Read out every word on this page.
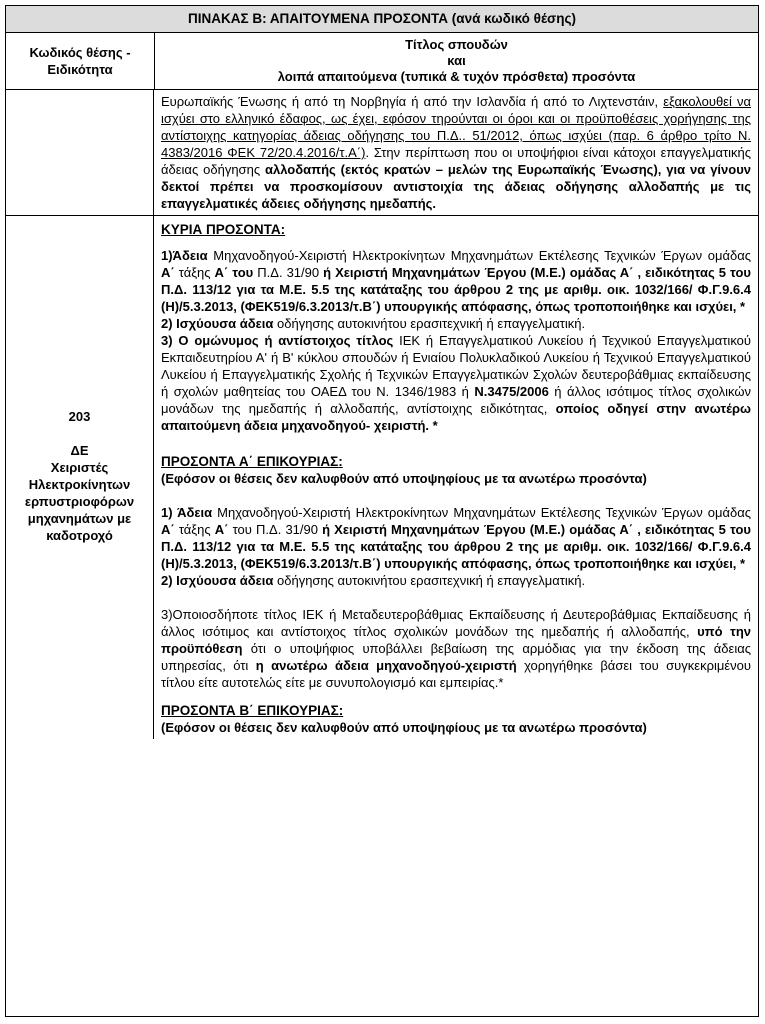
ΠΙΝΑΚΑΣ Β: ΑΠΑΙΤΟΥΜΕΝΑ ΠΡΟΣΟΝΤΑ (ανά κωδικό θέσης)
Κωδικός θέσης - Ειδικότητα
Τίτλος σπουδών
και
λοιπά απαιτούμενα (τυπικά & τυχόν πρόσθετα) προσόντα

Ευρωπαϊκής Ένωσης ή από τη Νορβηγία ή από την Ισλανδία ή από το Λιχτενστάιν, εξακολουθεί να ισχύει στο ελληνικό έδαφος, ως έχει, εφόσον τηρούνται οι όροι και οι προϋποθέσεις χορήγησης της αντίστοιχης κατηγορίας άδειας οδήγησης του Π.Δ.. 51/2012, όπως ισχύει (παρ. 6 άρθρο τρίτο Ν. 4383/2016 ΦΕΚ 72/20.4.2016/τ.Α΄). Στην περίπτωση που οι υποψήφιοι είναι κάτοχοι επαγγελματικής άδειας οδήγησης αλλοδαπής (εκτός κρατών – μελών της Ευρωπαϊκής Ένωσης), για να γίνουν δεκτοί πρέπει να προσκομίσουν αντιστοιχία της άδειας οδήγησης αλλοδαπής με τις επαγγελματικές άδειες οδήγησης ημεδαπής.

203
ΔΕ
Χειριστές
Ηλεκτροκίνητων
ερπυστριοφόρων
μηχανημάτων με
καδοτροχό

ΚΥΡΙΑ ΠΡΟΣΟΝΤΑ:

1)Άδεια Μηχανοδηγού-Χειριστή Ηλεκτροκίνητων Μηχανημάτων Εκτέλεσης Τεχνικών Έργων ομάδας Α΄ τάξης Α΄ του Π.Δ. 31/90 ή Χειριστή Μηχανημάτων Έργου (Μ.Ε.) ομάδας Α΄ , ειδικότητας 5 του Π.Δ. 113/12 για τα Μ.Ε. 5.5 της κατάταξης του άρθρου 2 της με αριθμ. οικ. 1032/166/ Φ.Γ.9.6.4 (Η)/5.3.2013, (ΦΕΚ519/6.3.2013/τ.Β΄) υπουργικής απόφασης, όπως τροποποιήθηκε και ισχύει, *

2) Ισχύουσα άδεια οδήγησης αυτοκινήτου ερασιτεχνική ή επαγγελματική.

3) Ο ομώνυμος ή αντίστοιχος τίτλος ΙΕΚ ή Επαγγελματικού Λυκείου ή Τεχνικού Επαγγελματικού Εκπαιδευτηρίου Α' ή Β' κύκλου σπουδών ή Ενιαίου Πολυκλαδικού Λυκείου ή Τεχνικού Επαγγελματικού Λυκείου ή Επαγγελματικής Σχολής ή Τεχνικών Επαγγελματικών Σχολών δευτεροβάθμιας εκπαίδευσης ή σχολών μαθητείας του ΟΑΕΔ του Ν. 1346/1983 ή Ν.3475/2006 ή άλλος ισότιμος τίτλος σχολικών μονάδων της ημεδαπής ή αλλοδαπής, αντίστοιχης ειδικότητας, οποίος οδηγεί στην ανωτέρω απαιτούμενη άδεια μηχανοδηγού- χειριστή. *

ΠΡΟΣΟΝΤΑ Α΄ ΕΠΙΚΟΥΡΙΑΣ:

(Εφόσον οι θέσεις δεν καλυφθούν από υποψηφίους με τα ανωτέρω προσόντα)

1) Άδεια Μηχανοδηγού-Χειριστή Ηλεκτροκίνητων Μηχανημάτων Εκτέλεσης Τεχνικών Έργων ομάδας Α΄ τάξης Α΄ του Π.Δ. 31/90 ή Χειριστή Μηχανημάτων Έργου (Μ.Ε.) ομάδας Α΄ , ειδικότητας 5 του Π.Δ. 113/12 για τα Μ.Ε. 5.5 της κατάταξης του άρθρου 2 της με αριθμ. οικ. 1032/166/ Φ.Γ.9.6.4 (Η)/5.3.2013, (ΦΕΚ519/6.3.2013/τ.Β΄) υπουργικής απόφασης, όπως τροποποιήθηκε και ισχύει, *

2) Ισχύουσα άδεια οδήγησης αυτοκινήτου ερασιτεχνική ή επαγγελματική.

3)Οποιοσδήποτε τίτλος ΙΕΚ ή Μεταδευτεροβάθμιας Εκπαίδευσης ή Δευτεροβάθμιας Εκπαίδευσης ή άλλος ισότιμος και αντίστοιχος τίτλος σχολικών μονάδων της ημεδαπής ή αλλοδαπής, υπό την προϋπόθεση ότι ο υποψήφιος υποβάλλει βεβαίωση της αρμόδιας για την έκδοση της άδειας υπηρεσίας, ότι η ανωτέρω άδεια μηχανοδηγού-χειριστή χορηγήθηκε βάσει του συγκεκριμένου τίτλου είτε αυτοτελώς είτε με συνυπολογισμό και εμπειρίας.*

ΠΡΟΣΟΝΤΑ Β΄ ΕΠΙΚΟΥΡΙΑΣ:

(Εφόσον οι θέσεις δεν καλυφθούν από υποψηφίους με τα ανωτέρω προσόντα)
